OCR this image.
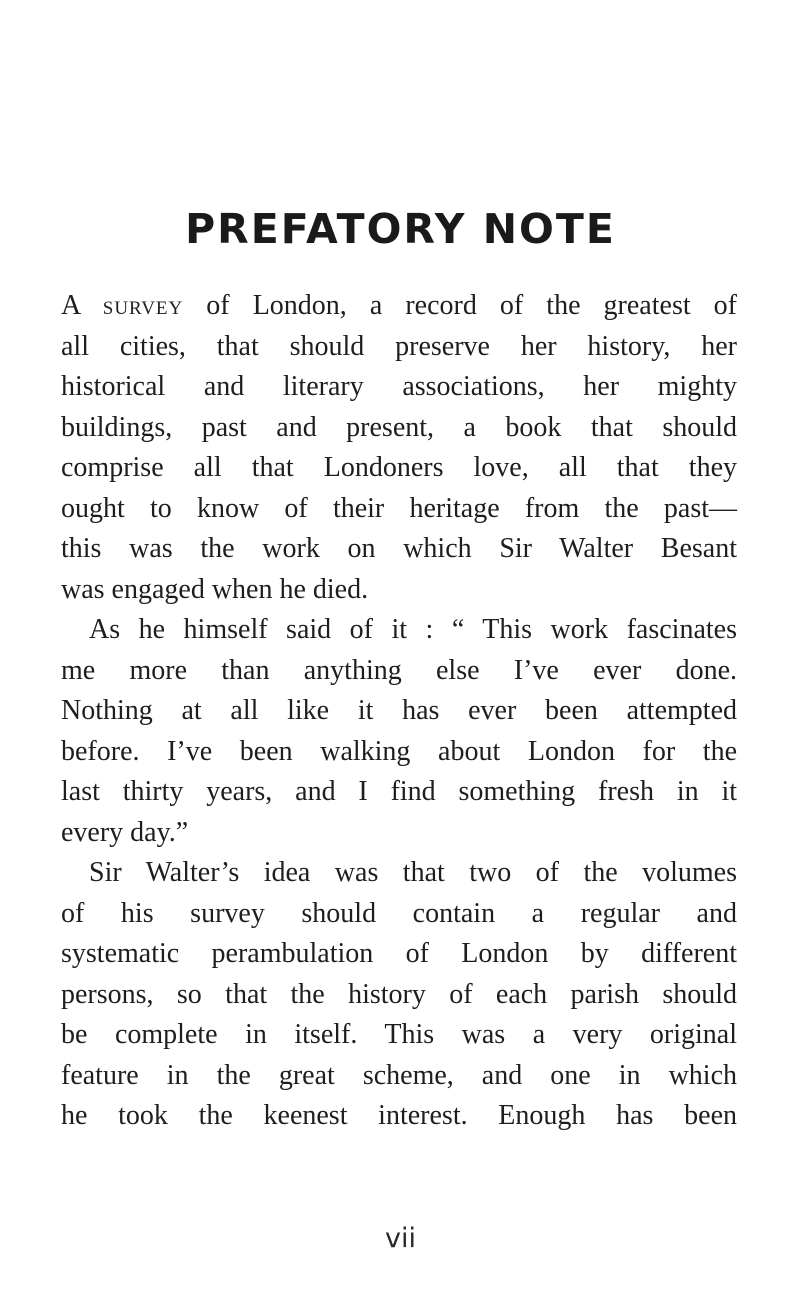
PREFATORY NOTE
A SURVEY of London, a record of the greatest of
all cities, that should preserve her history, her
historical and literary associations, her mighty
buildings, past and present, a book that should
comprise all that Londoners love, all that they
ought to know of their heritage from the past—
this was the work on which Sir Walter Besant
was engaged when he died.
As he himself said of it : “ This work fascinates
me more than anything else I’ve ever done.
Nothing at all like it has ever been attempted
before. I’ve been walking about London for the
last thirty years, and I find something fresh in it
every day.”
Sir Walter’s idea was that two of the volumes
of his survey should contain a regular and
systematic perambulation of London by different
persons, so that the history of each parish should
be complete in itself. This was a very original
feature in the great scheme, and one in which
he took the keenest interest. Enough has been
vii
